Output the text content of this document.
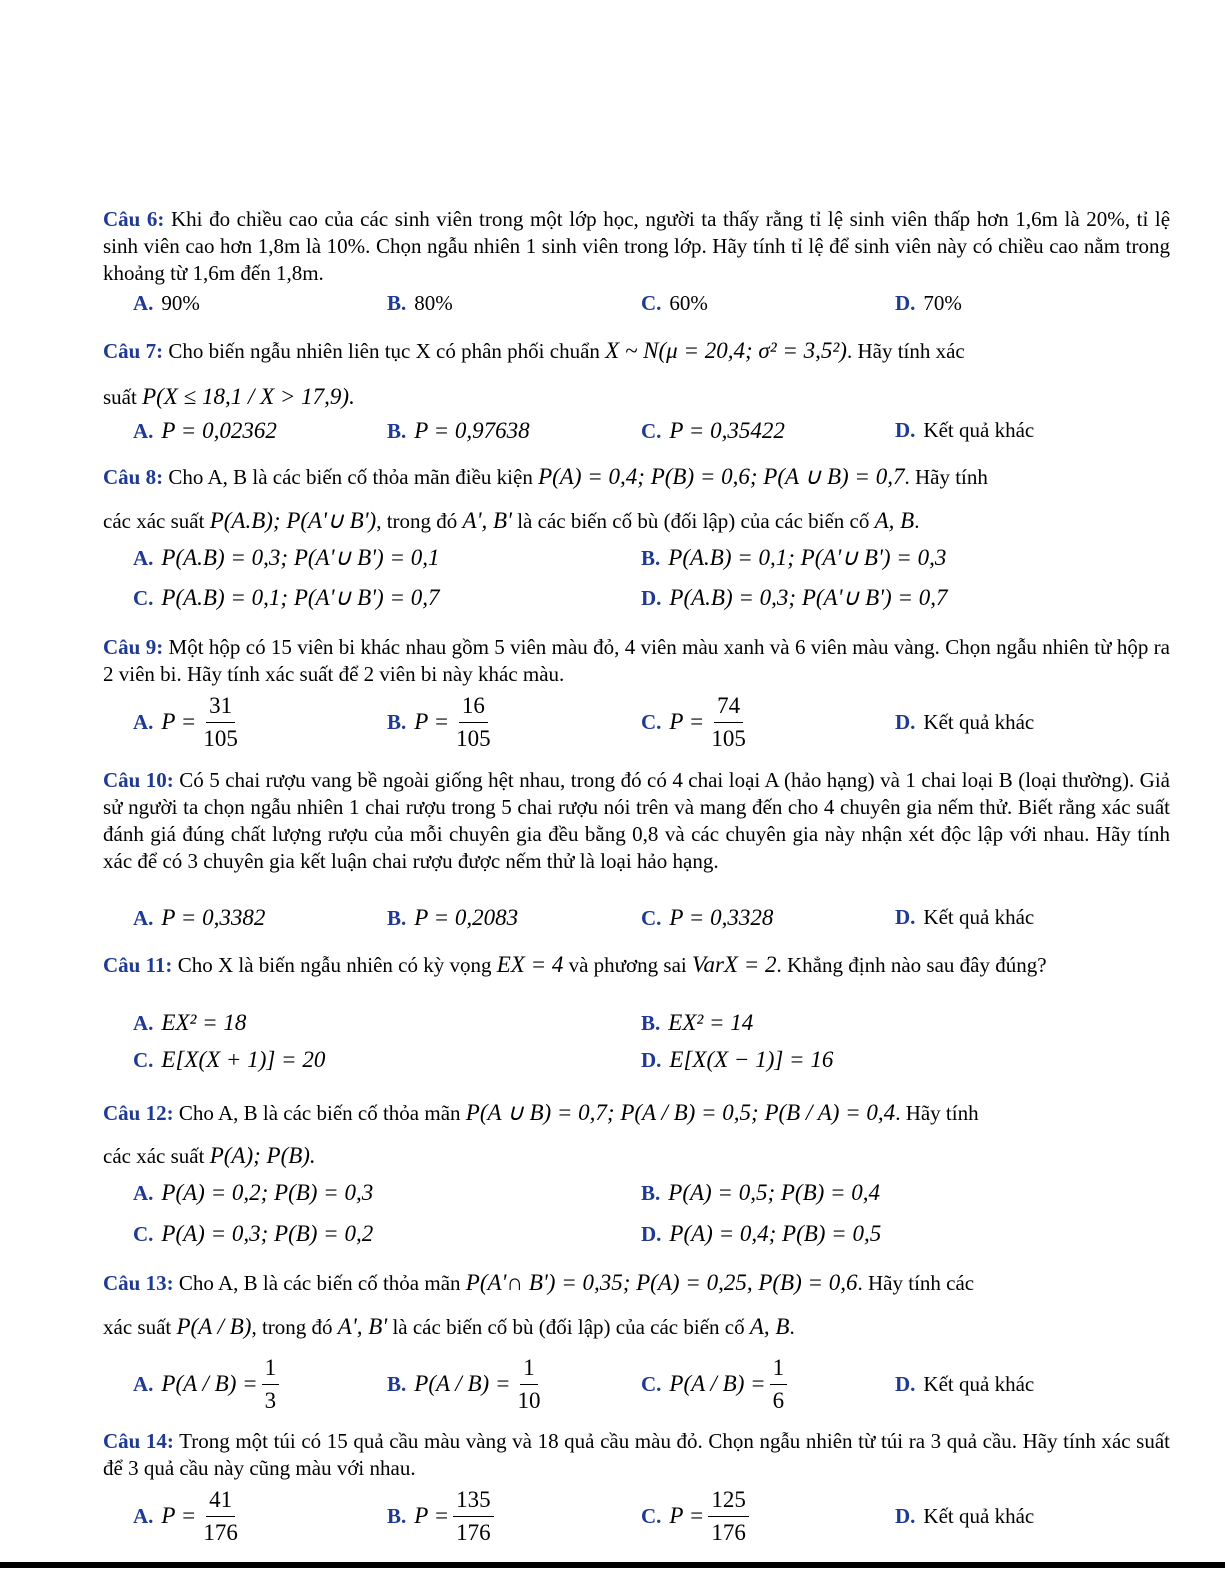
Câu 6: Khi đo chiều cao của các sinh viên trong một lớp học, người ta thấy rằng tỉ lệ sinh viên thấp hơn 1,6m là 20%, tỉ lệ sinh viên cao hơn 1,8m là 10%. Chọn ngẫu nhiên 1 sinh viên trong lớp. Hãy tính tỉ lệ để sinh viên này có chiều cao nằm trong khoảng từ 1,6m đến 1,8m.
A. 90%	B. 80%	C. 60%	D. 70%
Câu 7: Cho biến ngẫu nhiên liên tục X có phân phối chuẩn X ~ N(μ = 20,4; σ² = 3,5²). Hãy tính xác
suất P(X ≤ 18,1 / X > 17,9).
A. P = 0,02362	B. P = 0,97638	C. P = 0,35422	D. Kết quả khác
Câu 8: Cho A, B là các biến cố thỏa mãn điều kiện P(A) = 0,4; P(B) = 0,6; P(A ∪ B) = 0,7. Hãy tính
các xác suất P(A.B); P(A'∪ B'), trong đó A', B' là các biến cố bù (đối lập) của các biến cố A, B.
A. P(A.B) = 0,3; P(A'∪ B') = 0,1	B. P(A.B) = 0,1; P(A'∪ B') = 0,3
C. P(A.B) = 0,1; P(A'∪ B') = 0,7	D. P(A.B) = 0,3; P(A'∪ B') = 0,7
Câu 9: Một hộp có 15 viên bi khác nhau gồm 5 viên màu đỏ, 4 viên màu xanh và 6 viên màu vàng. Chọn ngẫu nhiên từ hộp ra 2 viên bi. Hãy tính xác suất để 2 viên bi này khác màu.
A. $P = \frac{31}{105}$	B. $P = \frac{16}{105}$	C. $P = \frac{74}{105}$	D. Kết quả khác
Câu 10: Có 5 chai rượu vang bề ngoài giống hệt nhau, trong đó có 4 chai loại A (hảo hạng) và 1 chai loại B (loại thường). Giả sử người ta chọn ngẫu nhiên 1 chai rượu trong 5 chai rượu nói trên và mang đến cho 4 chuyên gia nếm thử. Biết rằng xác suất đánh giá đúng chất lượng rượu của mỗi chuyên gia đều bằng 0,8 và các chuyên gia này nhận xét độc lập với nhau. Hãy tính xác để có 3 chuyên gia kết luận chai rượu được nếm thử là loại hảo hạng.
A. P = 0,3382	B. P = 0,2083	C. P = 0,3328	D. Kết quả khác
Câu 11: Cho X là biến ngẫu nhiên có kỳ vọng EX = 4 và phương sai VarX = 2. Khẳng định nào sau đây đúng?
A. EX² = 18	B. EX² = 14
C. E[X(X + 1)] = 20	D. E[X(X − 1)] = 16
Câu 12: Cho A, B là các biến cố thỏa mãn P(A ∪ B) = 0,7; P(A / B) = 0,5; P(B / A) = 0,4. Hãy tính
các xác suất P(A); P(B).
A. P(A) = 0,2; P(B) = 0,3	B. P(A) = 0,5; P(B) = 0,4
C. P(A) = 0,3; P(B) = 0,2	D. P(A) = 0,4; P(B) = 0,5
Câu 13: Cho A, B là các biến cố thỏa mãn P(A'∩ B') = 0,35; P(A) = 0,25, P(B) = 0,6. Hãy tính các
xác suất P(A / B), trong đó A', B' là các biến cố bù (đối lập) của các biến cố A, B.
A. $P(A / B) = \frac{1}{3}$	B. $P(A / B) = \frac{1}{10}$	C. $P(A / B) = \frac{1}{6}$	D. Kết quả khác
Câu 14: Trong một túi có 15 quả cầu màu vàng và 18 quả cầu màu đỏ. Chọn ngẫu nhiên từ túi ra 3 quả cầu. Hãy tính xác suất để 3 quả cầu này cũng màu với nhau.
A. $P = \frac{41}{176}$	B. $P = \frac{135}{176}$	C. $P = \frac{125}{176}$	D. Kết quả khác
